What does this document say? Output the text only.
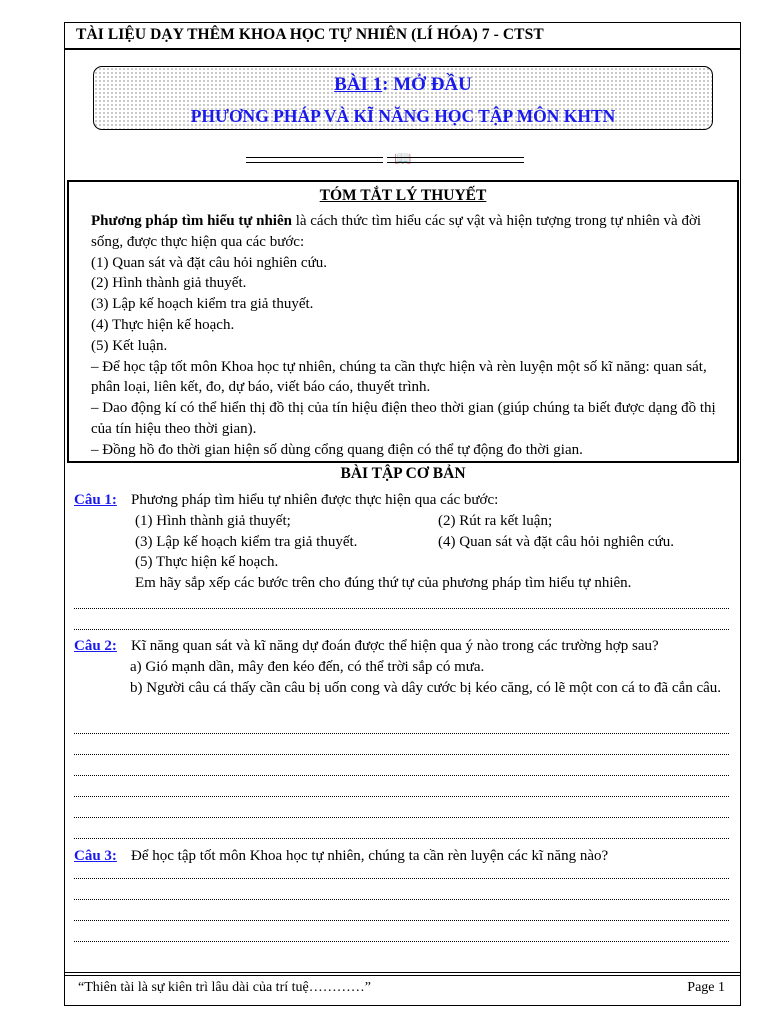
TÀI LIỆU DẠY THÊM KHOA HỌC TỰ NHIÊN (LÍ HÓA) 7 - CTST
BÀI 1: MỞ ĐẦU
PHƯƠNG PHÁP VÀ KĨ NĂNG HỌC TẬP MÔN KHTN
📖
TÓM TẮT LÝ THUYẾT
Phương pháp tìm hiểu tự nhiên là cách thức tìm hiểu các sự vật và hiện tượng trong tự nhiên và đời sống, được thực hiện qua các bước:
(1) Quan sát và đặt câu hỏi nghiên cứu.
(2) Hình thành giả thuyết.
(3) Lập kế hoạch kiểm tra giả thuyết.
(4) Thực hiện kế hoạch.
(5) Kết luận.
– Để học tập tốt môn Khoa học tự nhiên, chúng ta cần thực hiện và rèn luyện một số kĩ năng: quan sát, phân loại, liên kết, đo, dự báo, viết báo cáo, thuyết trình.
– Dao động kí có thể hiển thị đồ thị của tín hiệu điện theo thời gian (giúp chúng ta biết được dạng đồ thị của tín hiệu theo thời gian).
– Đồng hồ đo thời gian hiện số dùng cổng quang điện có thể tự động đo thời gian.
BÀI TẬP CƠ BẢN
Câu 1: Phương pháp tìm hiểu tự nhiên được thực hiện qua các bước:
(1) Hình thành giả thuyết;	(2) Rút ra kết luận;
(3) Lập kế hoạch kiểm tra giả thuyết.	(4) Quan sát và đặt câu hỏi nghiên cứu.
(5) Thực hiện kế hoạch.
Em hãy sắp xếp các bước trên cho đúng thứ tự của phương pháp tìm hiểu tự nhiên.
Câu 2: Kĩ năng quan sát và kĩ năng dự đoán được thể hiện qua ý nào trong các trường hợp sau?
a) Gió mạnh dần, mây đen kéo đến, có thể trời sắp có mưa.
b) Người câu cá thấy cần câu bị uốn cong và dây cước bị kéo căng, có lẽ một con cá to đã cắn câu.
Câu 3: Để học tập tốt môn Khoa học tự nhiên, chúng ta cần rèn luyện các kĩ năng nào?
“Thiên tài là sự kiên trì lâu dài của trí tuệ…………”	Page 1
